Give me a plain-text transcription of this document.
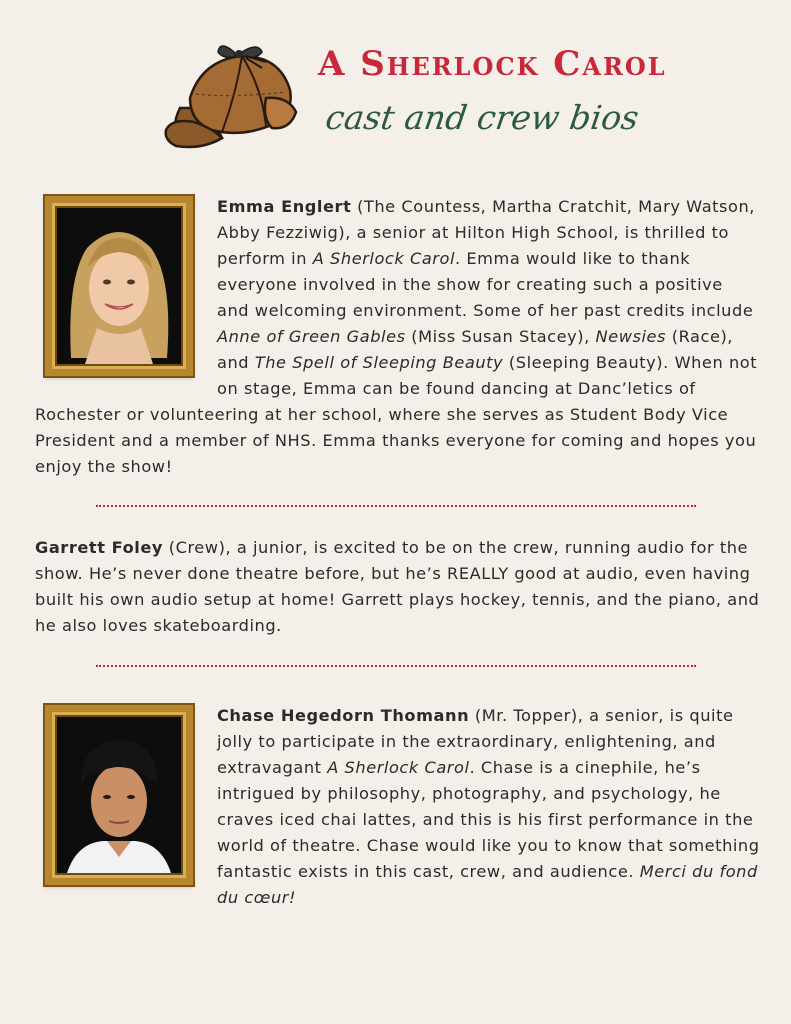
A Sherlock Carol
cast and crew bios
Emma Englert (The Countess, Martha Cratchit, Mary Watson, Abby Fezziwig), a senior at Hilton High School, is thrilled to perform in A Sherlock Carol. Emma would like to thank everyone involved in the show for creating such a positive and welcoming environment. Some of her past credits include Anne of Green Gables (Miss Susan Stacey), Newsies (Race), and The Spell of Sleeping Beauty (Sleeping Beauty). When not on stage, Emma can be found dancing at Danc’letics of Rochester or volunteering at her school, where she serves as Student Body Vice President and a member of NHS. Emma thanks everyone for coming and hopes you enjoy the show!
Garrett Foley (Crew), a junior, is excited to be on the crew, running audio for the show. He’s never done theatre before, but he’s REALLY good at audio, even having built his own audio setup at home! Garrett plays hockey, tennis, and the piano, and he also loves skateboarding.
Chase Hegedorn Thomann (Mr. Topper), a senior, is quite jolly to participate in the extraordinary, enlightening, and extravagant A Sherlock Carol. Chase is a cinephile, he’s intrigued by philosophy, photography, and psychology, he craves iced chai lattes, and this is his first performance in the world of theatre. Chase would like you to know that something fantastic exists in this cast, crew, and audience. Merci du fond du cœur!
